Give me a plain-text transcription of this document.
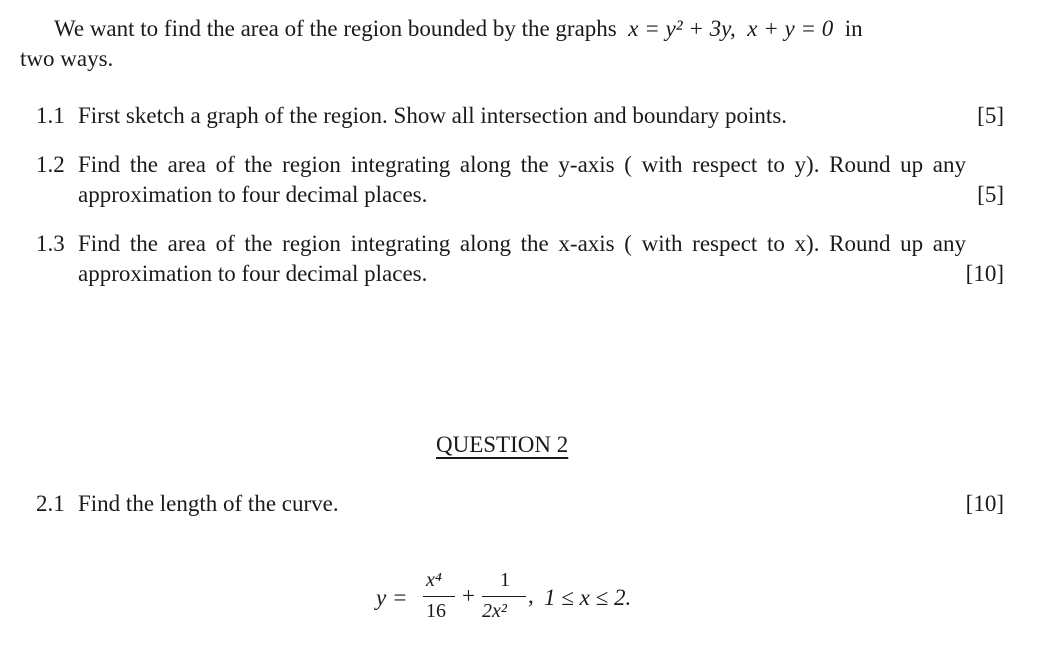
We want to find the area of the region bounded by the graphs x = y² + 3y, x + y = 0 in
two ways.
1.1 First sketch a graph of the region. Show all intersection and boundary points.	[5]
1.2 Find the area of the region integrating along the y-axis ( with respect to y). Round up any approximation to four decimal places.	[5]
1.3 Find the area of the region integrating along the x-axis ( with respect to x). Round up any approximation to four decimal places.	[10]
QUESTION 2
2.1 Find the length of the curve.	[10]
y =
x⁴
16
+
1
2x²
, 1 ≤ x ≤ 2.
